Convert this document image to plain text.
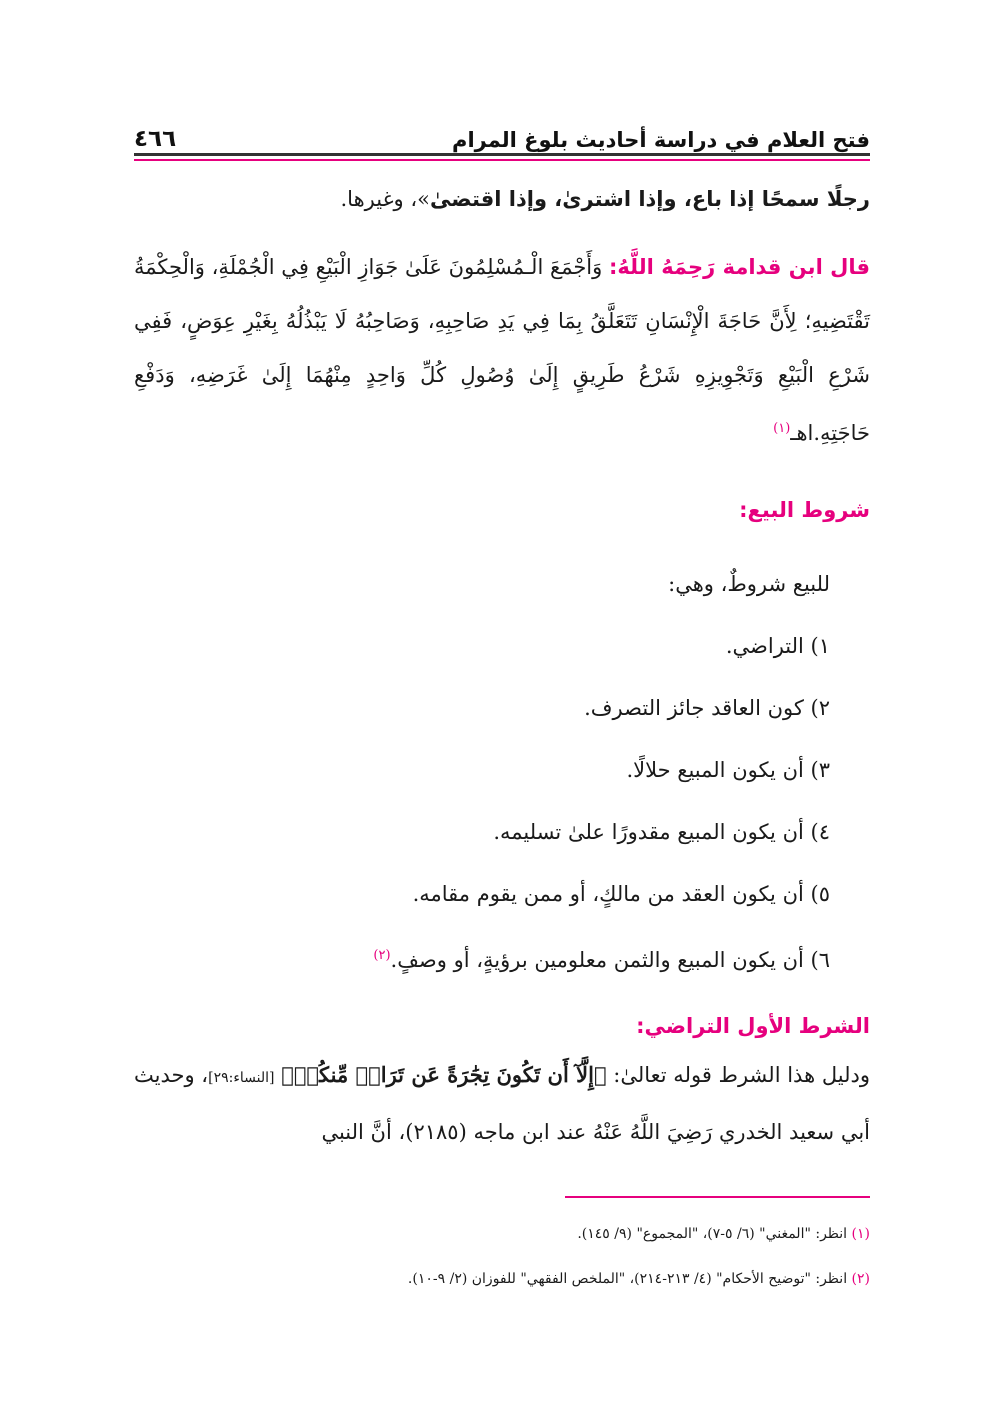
فتح العلام في دراسة أحاديث بلوغ المرام
٤٦٦
رجلًا سمحًا إذا باع، وإذا اشترىٰ، وإذا اقتضىٰ»، وغيرها.
قال ابن قدامة رَحِمَهُ اللَّهُ: وَأَجْمَعَ الْـمُسْلِمُونَ عَلَىٰ جَوَازِ الْبَيْعِ فِي الْجُمْلَةِ، وَالْحِكْمَةُ تَقْتَضِيهِ؛ لِأَنَّ حَاجَةَ الْإِنْسَانِ تَتَعَلَّقُ بِمَا فِي يَدِ صَاحِبِهِ، وَصَاحِبُهُ لَا يَبْذُلُهُ بِغَيْرِ عِوَضٍ، فَفِي شَرْعِ الْبَيْعِ وَتَجْوِيزِهِ شَرْعُ طَرِيقٍ إِلَىٰ وُصُولِ كُلِّ وَاحِدٍ مِنْهُمَا إِلَىٰ غَرَضِهِ، وَدَفْعِ حَاجَتِهِ.اهـ$^{(١)}$
شروط البيع:
للبيع شروطٌ، وهي:
١) التراضي.
٢) كون العاقد جائز التصرف.
٣) أن يكون المبيع حلالًا.
٤) أن يكون المبيع مقدورًا علىٰ تسليمه.
٥) أن يكون العقد من مالكٍ، أو ممن يقوم مقامه.
٦) أن يكون المبيع والثمن معلومين برؤيةٍ، أو وصفٍ.$^{(٢)}$
الشرط الأول التراضي:
ودليل هذا الشرط قوله تعالىٰ: ﴿إِلَّآ أَن تَكُونَ تِجَٰرَةً عَن تَرَاضٖ مِّنكُمۡ﴾ [النساء:٢٩]، وحديث أبي سعيد الخدري رَضِيَ اللَّهُ عَنْهُ عند ابن ماجه (٢١٨٥)، أنَّ النبي
(١) انظر: "المغني" (٦/ ٥-٧)، "المجموع" (٩/ ١٤٥).
(٢) انظر: "توضيح الأحكام" (٤/ ٢١٣-٢١٤)، "الملخص الفقهي" للفوزان (٢/ ٩-١٠).
